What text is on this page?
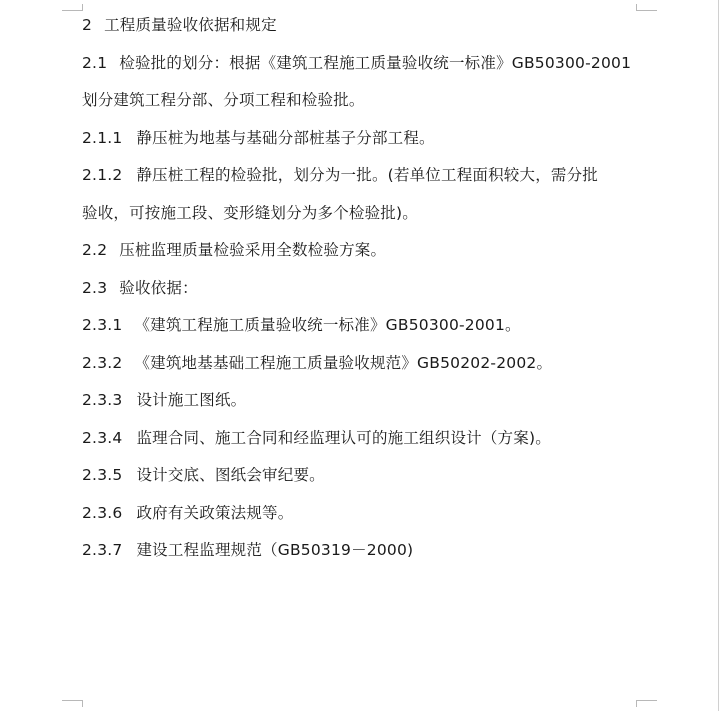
2 工程质量验收依据和规定
2.1 检验批的划分：根据《建筑工程施工质量验收统一标准》GB50300-2001
划分建筑工程分部、分项工程和检验批。
2.1.1 静压桩为地基与基础分部桩基子分部工程。
2.1.2 静压桩工程的检验批，划分为一批。(若单位工程面积较大，需分批
验收，可按施工段、变形缝划分为多个检验批)。
2.2 压桩监理质量检验采用全数检验方案。
2.3 验收依据：
2.3.1 《建筑工程施工质量验收统一标准》GB50300-2001。
2.3.2 《建筑地基基础工程施工质量验收规范》GB50202-2002。
2.3.3 设计施工图纸。
2.3.4 监理合同、施工合同和经监理认可的施工组织设计（方案)。
2.3.5 设计交底、图纸会审纪要。
2.3.6 政府有关政策法规等。
2.3.7 建设工程监理规范（GB50319－2000)
